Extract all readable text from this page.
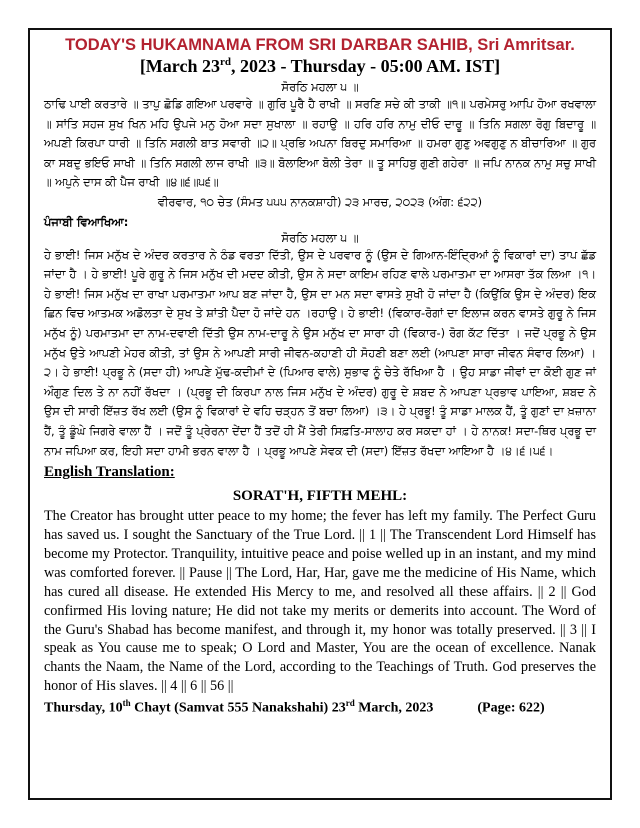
TODAY'S HUKAMNAMA FROM SRI DARBAR SAHIB, Sri Amritsar.
[March 23rd, 2023 - Thursday - 05:00 AM. IST]
ਸੋਰਠਿ ਮਹਲਾ ੫ ॥

ਠਾਢਿ ਪਾਈ ਕਰਤਾਰੇ ॥ ਤਾਪੁ ਛੋਡਿ ਗਇਆ ਪਰਵਾਰੇ ॥ ਗੁਰਿ ਪੂਰੈ ਹੈ ਰਾਖੀ ॥ ਸਰਣਿ ਸਚੇ ਕੀ ਤਾਕੀ ॥੧॥ ਪਰਮੇਸਰੁ ਆਪਿ ਹੋਆ ਰਖਵਾਲਾ ॥ ਸਾਂਤਿ ਸਹਜ ਸੁਖ ਖਿਨ ਮਹਿ ਉਪਜੇ ਮਨੁ ਹੋਆ ਸਦਾ ਸੁਖਾਲਾ ॥ ਰਹਾਉ ॥ ਹਰਿ ਹਰਿ ਨਾਮੁ ਦੀਓ ਦਾਰੂ ॥ ਤਿਨਿ ਸਗਲਾ ਰੋਗੁ ਬਿਦਾਰੂ ॥ ਅਪਣੀ ਕਿਰਪਾ ਧਾਰੀ ॥ ਤਿਨਿ ਸਗਲੀ ਬਾਤ ਸਵਾਰੀ ॥੨॥ ਪ੍ਰਭਿ ਅਪਨਾ ਬਿਰਦੁ ਸਮਾਰਿਆ ॥ ਹਮਰਾ ਗੁਣੁ ਅਵਗੁਣੁ ਨ ਬੀਚਾਰਿਆ ॥ ਗੁਰ ਕਾ ਸਬਦੁ ਭਇਓ ਸਾਖੀ ॥ ਤਿਨਿ ਸਗਲੀ ਲਾਜ ਰਾਖੀ ॥੩॥ ਬੋਲਾਇਆ ਬੋਲੀ ਤੇਰਾ ॥ ਤੂ ਸਾਹਿਬੁ ਗੁਣੀ ਗਹੇਰਾ ॥ ਜਪਿ ਨਾਨਕ ਨਾਮੁ ਸਚੁ ਸਾਖੀ ॥ ਅਪੁਨੇ ਦਾਸ ਕੀ ਪੈਜ ਰਾਖੀ ॥੪॥੬॥੫੬॥

ਵੀਰਵਾਰ, ੧੦ ਚੇਤ (ਸੰਮਤ ੫੫੫ ਨਾਨਕਸ਼ਾਹੀ) ੨੩ ਮਾਰਚ, ੨੦੨੩ (ਅੰਗ: ੬੨੨)

ਪੰਜਾਬੀ ਵਿਆਖਿਆ:
ਸੋਰਠਿ ਮਹਲਾ ੫ ॥

ਹੇ ਭਾਈ! ਜਿਸ ਮਨੁੱਖ ਦੇ ਅੰਦਰ ਕਰਤਾਰ ਨੇ ਠੰਡ ਵਰਤਾ ਦਿੱਤੀ, ਉਸ ਦੇ ਪਰਵਾਰ ਨੂੰ (ਉਸ ਦੇ ਗਿਆਨ-ਇੰਦ੍ਰਿਆਂ ਨੂੰ ਵਿਕਾਰਾਂ ਦਾ) ਤਾਪ ਛੱਡ ਜਾਂਦਾ ਹੈ । ਹੇ ਭਾਈ! ਪੂਰੇ ਗੁਰੂ ਨੇ ਜਿਸ ਮਨੁੱਖ ਦੀ ਮਦਦ ਕੀਤੀ, ਉਸ ਨੇ ਸਦਾ ਕਾਇਮ ਰਹਿਣ ਵਾਲੇ ਪਰਮਾਤਮਾ ਦਾ ਆਸਰਾ ਤੱਕ ਲਿਆ ।੧। ਹੇ ਭਾਈ! ਜਿਸ ਮਨੁੱਖ ਦਾ ਰਾਖਾ ਪਰਮਾਤਮਾ ਆਪ ਬਣ ਜਾਂਦਾ ਹੈ, ਉਸ ਦਾ ਮਨ ਸਦਾ ਵਾਸਤੇ ਸੁਖੀ ਹੋ ਜਾਂਦਾ ਹੈ (ਕਿਉਂਕਿ ਉਸ ਦੇ ਅੰਦਰ) ਇਕ ਛਿਨ ਵਿਚ ਆਤਮਕ ਅਡੋਲਤਾ ਦੇ ਸੁਖ ਤੇ ਸ਼ਾਂਤੀ ਪੈਦਾ ਹੋ ਜਾਂਦੇ ਹਨ ।ਰਹਾਉ। ਹੇ ਭਾਈ! (ਵਿਕਾਰ-ਰੋਗਾਂ ਦਾ ਇਲਾਜ ਕਰਨ ਵਾਸਤੇ ਗੁਰੂ ਨੇ ਜਿਸ ਮਨੁੱਖ ਨੂੰ) ਪਰਮਾਤਮਾ ਦਾ ਨਾਮ-ਦਵਾਈ ਦਿੱਤੀ ਉਸ ਨਾਮ-ਦਾਰੂ ਨੇ ਉਸ ਮਨੁੱਖ ਦਾ ਸਾਰਾ ਹੀ (ਵਿਕਾਰ-) ਰੋਗ ਕੱਟ ਦਿੱਤਾ । ਜਦੋਂ ਪ੍ਰਭੂ ਨੇ ਉਸ ਮਨੁੱਖ ਉਤੇ ਆਪਣੀ ਮੇਹਰ ਕੀਤੀ, ਤਾਂ ਉਸ ਨੇ ਆਪਣੀ ਸਾਰੀ ਜੀਵਨ-ਕਹਾਣੀ ਹੀ ਸੋਹਣੀ ਬਣਾ ਲਈ (ਆਪਣਾ ਸਾਰਾ ਜੀਵਨ ਸੰਵਾਰ ਲਿਆ) ।੨। ਹੇ ਭਾਈ! ਪ੍ਰਭੂ ਨੇ (ਸਦਾ ਹੀ) ਆਪਣੇ ਮੁੱਢ-ਕਦੀਮਾਂ ਦੇ (ਪਿਆਰ ਵਾਲੇ) ਸੁਭਾਵ ਨੂੰ ਚੇਤੇ ਰੱਖਿਆ ਹੈ । ਉਹ ਸਾਡਾ ਜੀਵਾਂ ਦਾ ਕੋਈ ਗੁਣ ਜਾਂ ਔਗੁਣ ਦਿਲ ਤੇ ਨਾ ਨਹੀਂ ਰੱਖਦਾ । (ਪ੍ਰਭੂ ਦੀ ਕਿਰਪਾ ਨਾਲ ਜਿਸ ਮਨੁੱਖ ਦੇ ਅੰਦਰ) ਗੁਰੂ ਦੇ ਸ਼ਬਦ ਨੇ ਆਪਣਾ ਪ੍ਰਭਾਵ ਪਾਇਆ, ਸ਼ਬਦ ਨੇ ਉਸ ਦੀ ਸਾਰੀ ਇੱਜ਼ਤ ਰੱਖ ਲਈ (ਉਸ ਨੂੰ ਵਿਕਾਰਾਂ ਦੇ ਵਹਿ ਚੜ੍ਹਨ ਤੋਂ ਬਚਾ ਲਿਆ) ।੩। ਹੇ ਪ੍ਰਭੂ! ਤੂੰ ਸਾਡਾ ਮਾਲਕ ਹੈਂ, ਤੂੰ ਗੁਣਾਂ ਦਾ ਖ਼ਜ਼ਾਨਾ ਹੈਂ, ਤੂੰ ਡੂੰਘੇ ਜਿਗਰੇ ਵਾਲਾ ਹੈਂ । ਜਦੋਂ ਤੂੰ ਪ੍ਰੇਰਨਾ ਦੇਂਦਾ ਹੈਂ ਤਦੋਂ ਹੀ ਮੈਂ ਤੇਰੀ ਸਿਫ਼ਤਿ-ਸਾਲਾਹ ਕਰ ਸਕਦਾ ਹਾਂ । ਹੇ ਨਾਨਕ! ਸਦਾ-ਥਿਰ ਪ੍ਰਭੂ ਦਾ ਨਾਮ ਜਪਿਆ ਕਰ, ਇਹੀ ਸਦਾ ਹਾਮੀ ਭਰਨ ਵਾਲਾ ਹੈ । ਪ੍ਰਭੂ ਆਪਣੇ ਸੇਵਕ ਦੀ (ਸਦਾ) ਇੱਜ਼ਤ ਰੱਖਦਾ ਆਇਆ ਹੈ ।੪।੬।੫੬।

English Translation:
SORAT'H, FIFTH MEHL:

The Creator has brought utter peace to my home; the fever has left my family. The Perfect Guru has saved us. I sought the Sanctuary of the True Lord. || 1 || The Transcendent Lord Himself has become my Protector. Tranquility, intuitive peace and poise welled up in an instant, and my mind was comforted forever. || Pause || The Lord, Har, Har, gave me the medicine of His Name, which has cured all disease. He extended His Mercy to me, and resolved all these affairs. || 2 || God confirmed His loving nature; He did not take my merits or demerits into account. The Word of the Guru's Shabad has become manifest, and through it, my honor was totally preserved. || 3 || I speak as You cause me to speak; O Lord and Master, You are the ocean of excellence. Nanak chants the Naam, the Name of the Lord, according to the Teachings of Truth. God preserves the honor of His slaves. || 4 || 6 || 56 ||

Thursday, 10th Chayt (Samvat 555 Nanakshahi) 23rd March, 2023	(Page: 622)
